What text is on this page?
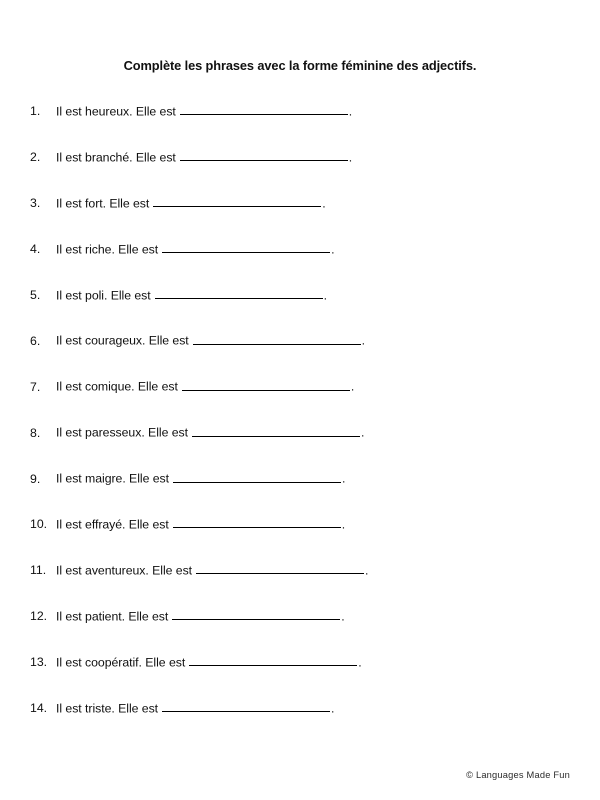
Complète les phrases avec la forme féminine des adjectifs.
1.	Il est heureux. Elle est	.
2.	Il est branché. Elle est	.
3.	Il est fort. Elle est	.
4.	Il est riche. Elle est	.
5.	Il est poli. Elle est	.
6.	Il est courageux. Elle est	.
7.	Il est comique. Elle est	.
8.	Il est paresseux. Elle est	.
9.	Il est maigre. Elle est	.
10. Il est effrayé. Elle est	.
11. Il est aventureux. Elle est	.
12. Il est patient. Elle est	.
13. Il est coopératif. Elle est	.
14. Il est triste. Elle est	.
© Languages Made Fun
